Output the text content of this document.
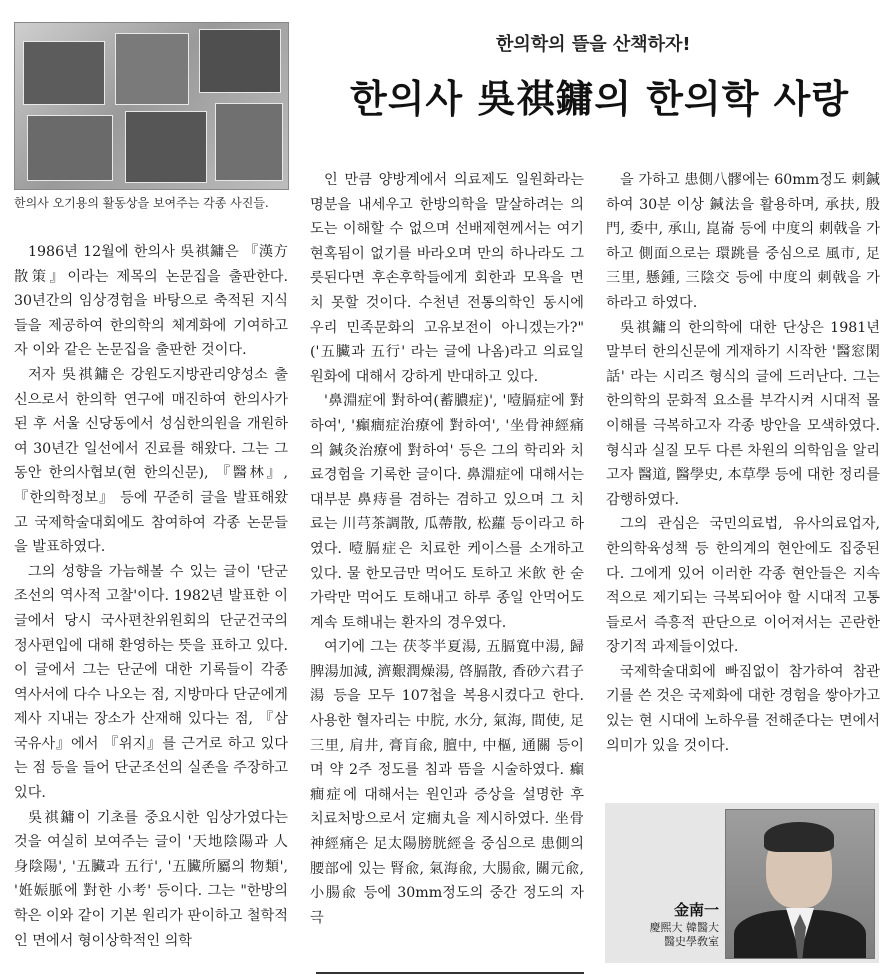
한의사 오기용의 활동상을 보여주는 각종 사진들.
한의학의 뜰을 산책하자!
한의사 吳祺鏞의 한의학 사랑

1986년 12월에 한의사 吳祺鏞은 『漢方散策』이라는 제목의 논문집을 출판한다. 30년간의 임상경험을 바탕으로 축적된 지식들을 제공하여 한의학의 체계화에 기여하고자 이와 같은 논문집을 출판한 것이다.

저자 吳祺鏞은 강원도지방관리양성소 출신으로서 한의학 연구에 매진하여 한의사가 된 후 서울 신당동에서 성심한의원을 개원하여 30년간 일선에서 진료를 해왔다. 그는 그동안 한의사협보(현 한의신문), 『醫林』, 『한의학정보』 등에 꾸준히 글을 발표해왔고 국제학술대회에도 참여하여 각종 논문들을 발표하였다.

그의 성향을 가늠해볼 수 있는 글이 '단군조선의 역사적 고찰'이다. 1982년 발표한 이 글에서 당시 국사편찬위원회의 단군건국의 정사편입에 대해 환영하는 뜻을 표하고 있다. 이 글에서 그는 단군에 대한 기록들이 각종 역사서에 다수 나오는 점, 지방마다 단군에게 제사 지내는 장소가 산재해 있다는 점, 『삼국유사』에서 『위지』를 근거로 하고 있다는 점 등을 들어 단군조선의 실존을 주장하고 있다.

吳祺鏞이 기초를 중요시한 임상가였다는 것을 여실히 보여주는 글이 '天地陰陽과 人身陰陽', '五臟과 五行', '五臟所屬의 物類', '姙娠脈에 對한 小考' 등이다. 그는 "한방의학은 이와 같이 기본 원리가 판이하고 철학적인 면에서 형이상학적인 의학

인 만큼 양방계에서 의료제도 일원화라는 명분을 내세우고 한방의학을 말살하려는 의도는 이해할 수 없으며 선배제현께서는 여기 현혹됨이 없기를 바라오며 만의 하나라도 그릇된다면 후손후학들에게 회한과 모욕을 면치 못할 것이다. 수천년 전통의학인 동시에 우리 민족문화의 고유보전이 아니겠는가?"('五臟과 五行' 라는 글에 나옴)라고 의료일원화에 대해서 강하게 반대하고 있다.

'鼻淵症에 對하여(蓄膿症)', '噎膈症에 對하여', '癲癎症治療에 對하여', '坐骨神經痛의 鍼灸治療에 對하여' 등은 그의 학리와 치료경험을 기록한 글이다. 鼻淵症에 대해서는 대부분 鼻痔를 겸하는 겸하고 있으며 그 치료는 川芎茶調散, 瓜蔕散, 松蘿 등이라고 하였다. 噎膈症은 치료한 케이스를 소개하고 있다. 물 한모금만 먹어도 토하고 米飮 한 숟가락만 먹어도 토해내고 하루 종일 안먹어도 계속 토해내는 환자의 경우였다.

여기에 그는 茯苓半夏湯, 五膈寬中湯, 歸脾湯加減, 濟艱潤燥湯, 啓膈散, 香砂六君子湯 등을 모두 107첩을 복용시켰다고 한다. 사용한 혈자리는 中脘, 水分, 氣海, 間使, 足三里, 肩井, 膏肓兪, 膻中, 中樞, 通關 등이며 약 2주 정도를 침과 뜸을 시술하였다. 癲癎症에 대해서는 원인과 증상을 설명한 후 치료처방으로서 定癎丸을 제시하였다. 坐骨神經痛은 足太陽膀胱經을 중심으로 患側의 腰部에 있는 腎兪, 氣海兪, 大腸兪, 關元兪, 小腸兪 등에 30mm정도의 중간 정도의 자극

을 가하고 患側八髎에는 60mm정도 刺鍼하여 30분 이상 鍼法을 활용하며, 承扶, 殷門, 委中, 承山, 崑崙 등에 中度의 刺戟을 가하고 側面으로는 環跳를 중심으로 風市, 足三里, 懸鍾, 三陰交 등에 中度의 刺戟을 가하라고 하였다.

吳祺鏞의 한의학에 대한 단상은 1981년 말부터 한의신문에 게재하기 시작한 '醫窓閑話' 라는 시리즈 형식의 글에 드러난다. 그는 한의학의 문화적 요소를 부각시켜 시대적 몰이해를 극복하고자 각종 방안을 모색하였다. 형식과 실질 모두 다른 차원의 의학임을 알리고자 醫道, 醫學史, 本草學 등에 대한 정리를 감행하였다.

그의 관심은 국민의료법, 유사의료업자, 한의학육성책 등 한의계의 현안에도 집중된다. 그에게 있어 이러한 각종 현안들은 지속적으로 제기되는 극복되어야 할 시대적 고통들로서 즉흥적 판단으로 이어져서는 곤란한 장기적 과제들이었다.

국제학술대회에 빠짐없이 참가하여 참관기를 쓴 것은 국제화에 대한 경험을 쌓아가고 있는 현 시대에 노하우를 전해준다는 면에서 의미가 있을 것이다.

金南一
慶熙大 韓醫大
醫史學敎室
